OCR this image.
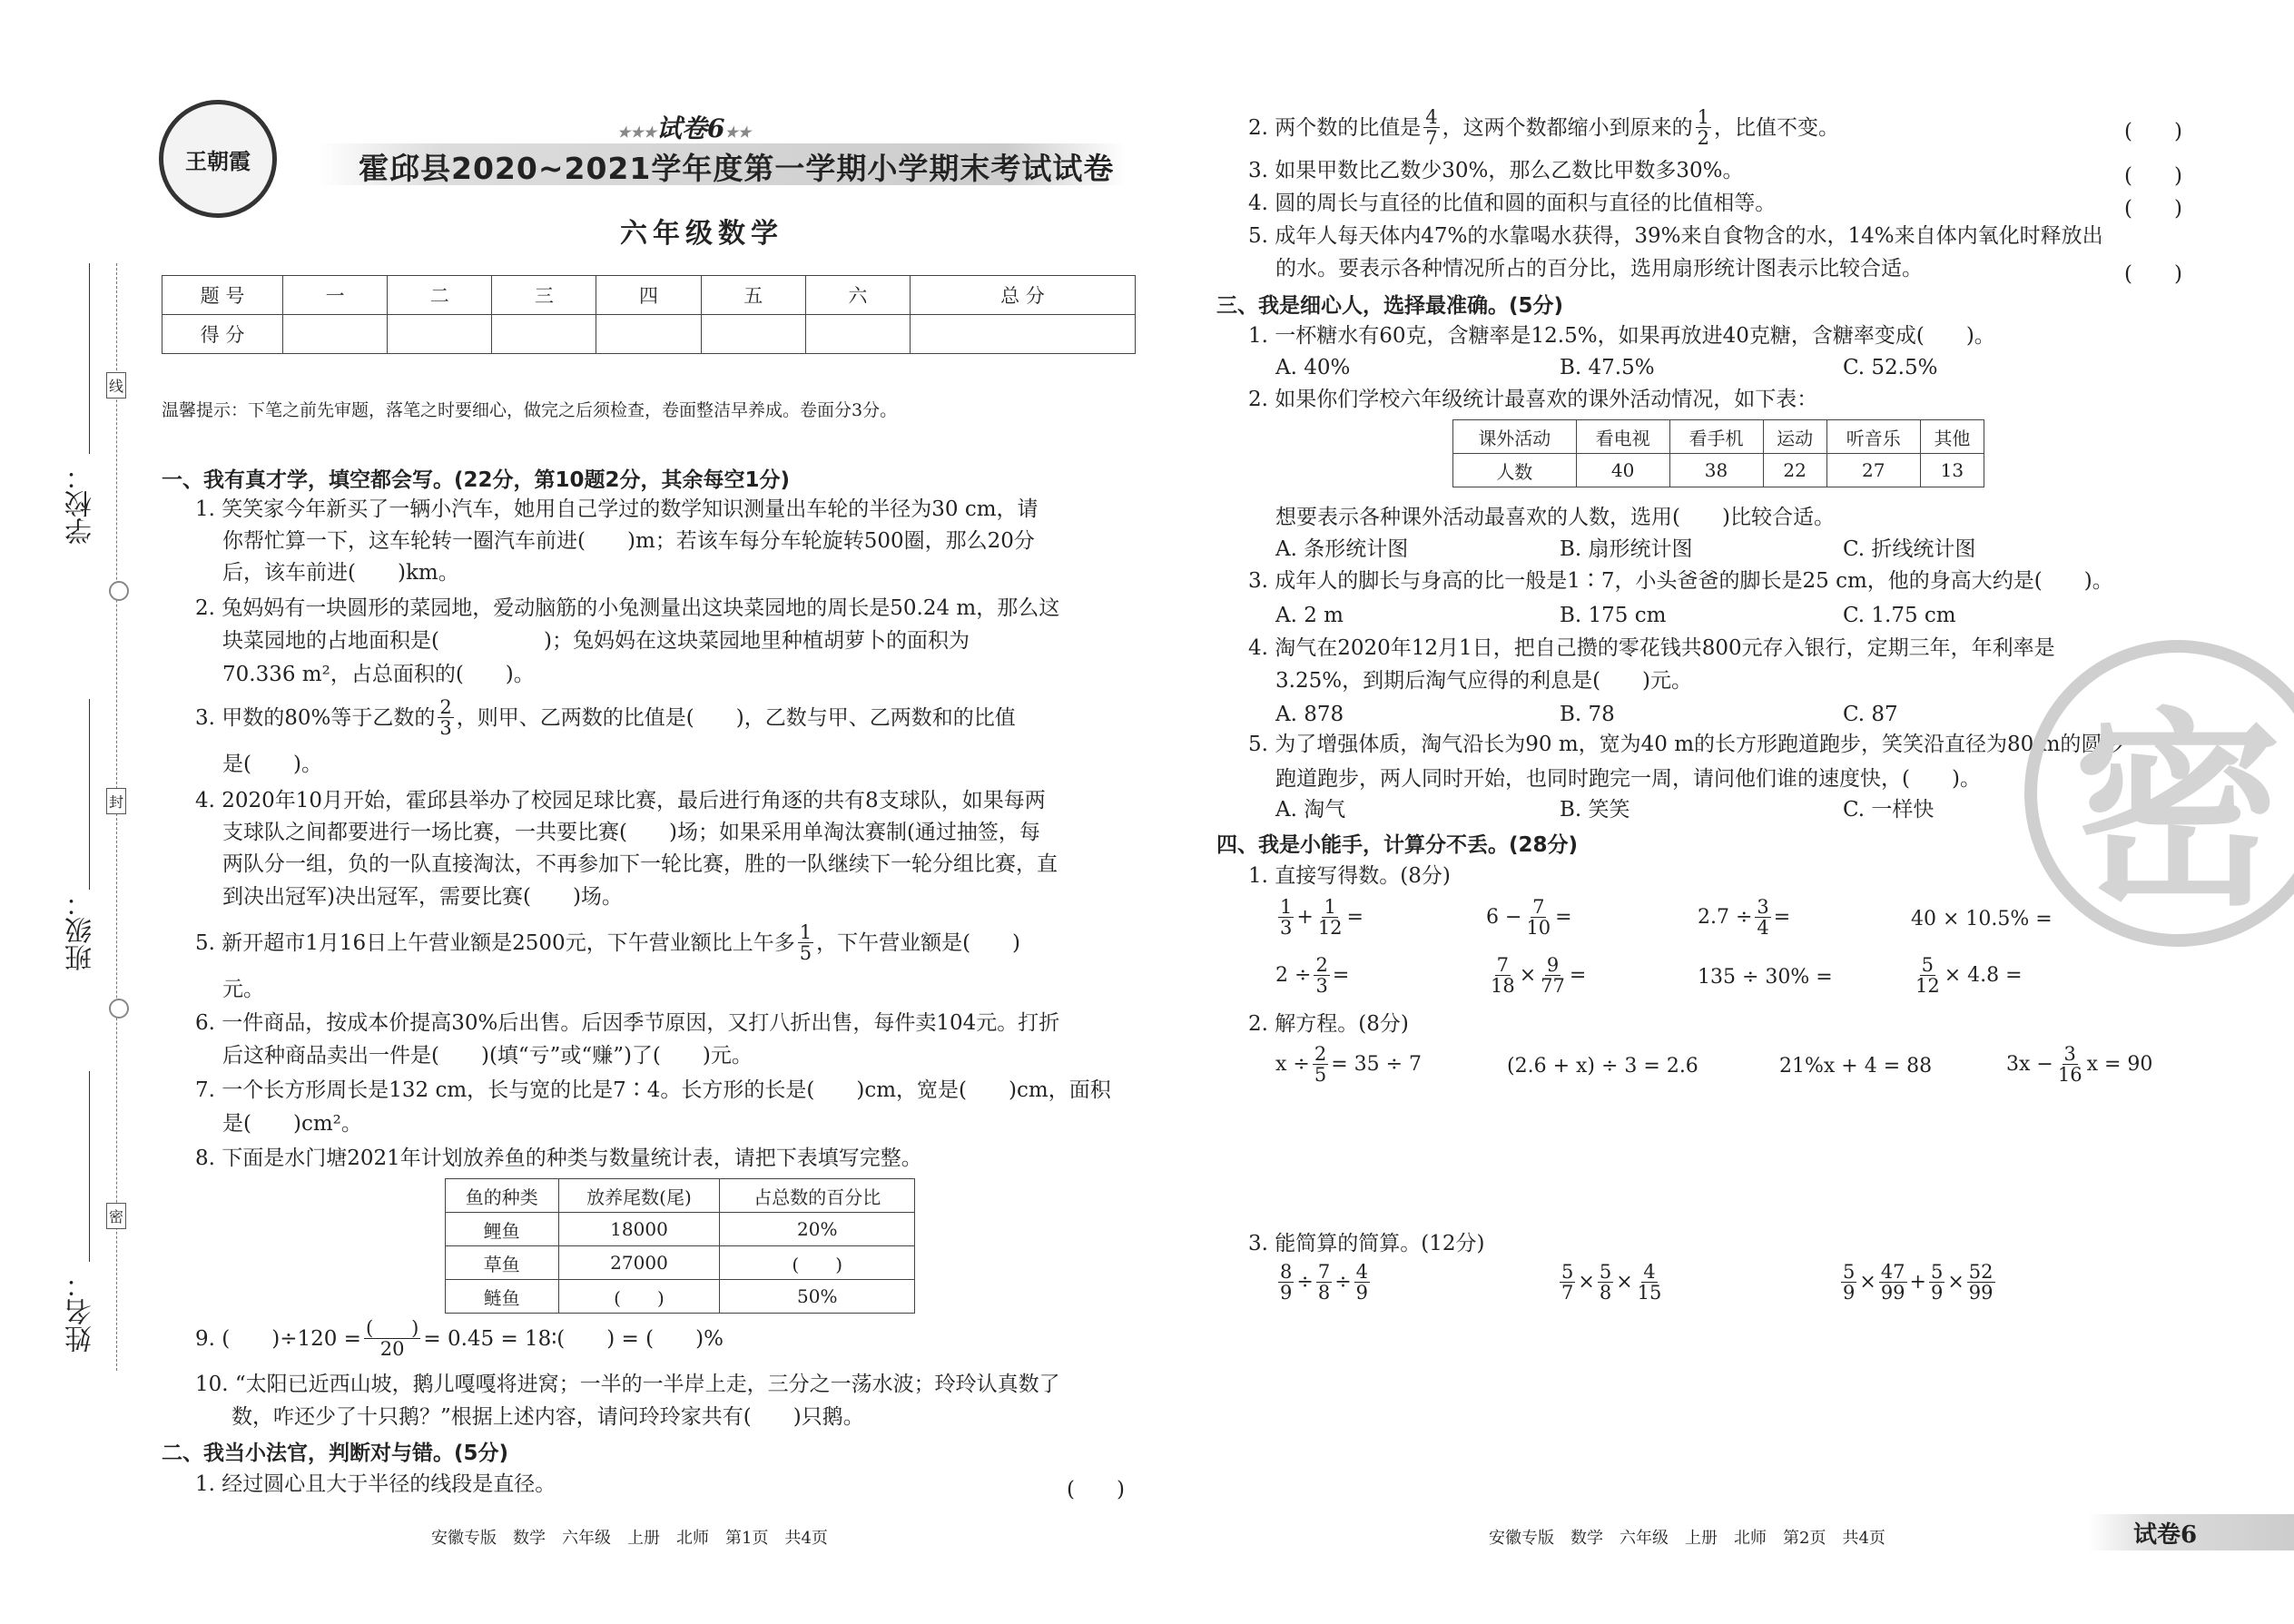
学校：
班级：
姓名：
线
封
密
王朝霞
★★★试卷6★★
霍邱县2020~2021学年度第一学期小学期末考试试卷
六年级数学
题 号	一	二	三	四	五	六	总 分
得 分							
温馨提示：下笔之前先审题，落笔之时要细心，做完之后须检查，卷面整洁早养成。卷面分3分。
一、我有真才学，填空都会写。(22分，第10题2分，其余每空1分)
1. 笑笑家今年新买了一辆小汽车，她用自己学过的数学知识测量出车轮的半径为30 cm，请
你帮忙算一下，这车轮转一圈汽车前进(　　)m；若该车每分车轮旋转500圈，那么20分
后，该车前进(　　)km。
2. 兔妈妈有一块圆形的菜园地，爱动脑筋的小兔测量出这块菜园地的周长是50.24 m，那么这
块菜园地的占地面积是(　　　　　)；兔妈妈在这块菜园地里种植胡萝卜的面积为
70.336 m²，占总面积的(　　)。
3. 甲数的80%等于乙数的 $\frac{2}{3}$ ，则甲、乙两数的比值是(　　)，乙数与甲、乙两数和的比值
是(　　)。
4. 2020年10月开始，霍邱县举办了校园足球比赛，最后进行角逐的共有8支球队，如果每两
支球队之间都要进行一场比赛，一共要比赛(　　)场；如果采用单淘汰赛制(通过抽签，每
两队分一组，负的一队直接淘汰，不再参加下一轮比赛，胜的一队继续下一轮分组比赛，直
到决出冠军)决出冠军，需要比赛(　　)场。
5. 新开超市1月16日上午营业额是2500元，下午营业额比上午多 $\frac{1}{5}$ ，下午营业额是(　　)
元。
6. 一件商品，按成本价提高30%后出售。后因季节原因，又打八折出售，每件卖104元。打折
后这种商品卖出一件是(　　)(填“亏”或“赚”)了(　　)元。
7. 一个长方形周长是132 cm，长与宽的比是7∶4。长方形的长是(　　)cm，宽是(　　)cm，面积
是(　　)cm²。
8. 下面是水门塘2021年计划放养鱼的种类与数量统计表，请把下表填写完整。
鱼的种类	放养尾数(尾)	占总数的百分比
鲤鱼	18000	20%
草鱼	27000	(　　)
鲢鱼	(　　)	50%
9. (　　)$\div 120 = \frac{( )}{20} = 0.45$ = 18∶(　　) = (　　)%
10. “太阳已近西山坡，鹅儿嘎嘎将进窝；一半的一半岸上走，三分之一荡水波；玲玲认真数了
数，咋还少了十只鹅？”根据上述内容，请问玲玲家共有(　　)只鹅。
二、我当小法官，判断对与错。(5分)
1. 经过圆心且大于半径的线段是直径。	(　　)
2. 两个数的比值是 $\frac{4}{7}$ ，这两个数都缩小到原来的 $\frac{1}{2}$ ，比值不变。	(　　)
3. 如果甲数比乙数少30%，那么乙数比甲数多30%。	(　　)
4. 圆的周长与直径的比值和圆的面积与直径的比值相等。	(　　)
5. 成年人每天体内47%的水靠喝水获得，39%来自食物含的水，14%来自体内氧化时释放出
的水。要表示各种情况所占的百分比，选用扇形统计图表示比较合适。	(　　)
三、我是细心人，选择最准确。(5分)
1. 一杯糖水有60克，含糖率是12.5%，如果再放进40克糖，含糖率变成(　　)。
A. 40%	B. 47.5%	C. 52.5%
2. 如果你们学校六年级统计最喜欢的课外活动情况，如下表：
课外活动	看电视	看手机	运动	听音乐	其他
人数	40	38	22	27	13
想要表示各种课外活动最喜欢的人数，选用(　　)比较合适。
A. 条形统计图	B. 扇形统计图	C. 折线统计图
3. 成年人的脚长与身高的比一般是1∶7，小头爸爸的脚长是25 cm，他的身高大约是(　　)。
A. 2 m	B. 175 cm	C. 1.75 cm
4. 淘气在2020年12月1日，把自己攒的零花钱共800元存入银行，定期三年，年利率是
3.25%，到期后淘气应得的利息是(　　)元。
A. 878	B. 78	C. 87
5. 为了增强体质，淘气沿长为90 m，宽为40 m的长方形跑道跑步，笑笑沿直径为80 m的圆形
跑道跑步，两人同时开始，也同时跑完一周，请问他们谁的速度快，(　　)。
A. 淘气	B. 笑笑	C. 一样快
四、我是小能手，计算分不丢。(28分)
1. 直接写得数。(8分)
$\frac{1}{3} + \frac{1}{12}$ =	$6 - \frac{7}{10}$ =	$2.7 \div \frac{3}{4}$ =	40 × 10.5% =
$2 \div \frac{2}{3}$ =	$\frac{7}{18} \times \frac{9}{77}$ =	135 ÷ 30% =	$\frac{5}{12} \times 4.8$ =
2. 解方程。(8分)
$x \div \frac{2}{5} = 35 \div 7$	(2.6 + x) ÷ 3 = 2.6	21%x + 4 = 88	$3x - \frac{3}{16}$ x = 90
3. 能简算的简算。(12分)
$\frac{8}{9} \div \frac{7}{8} \div \frac{4}{9}$	$\frac{5}{7} \times \frac{5}{8} \times \frac{4}{15}$	$\frac{5}{9} \times \frac{47}{99} + \frac{5}{9} \times \frac{52}{99}$
密
安徽专版　数学　六年级　上册　北师　第1页　共4页	安徽专版　数学　六年级　上册　北师　第2页　共4页	试卷6
